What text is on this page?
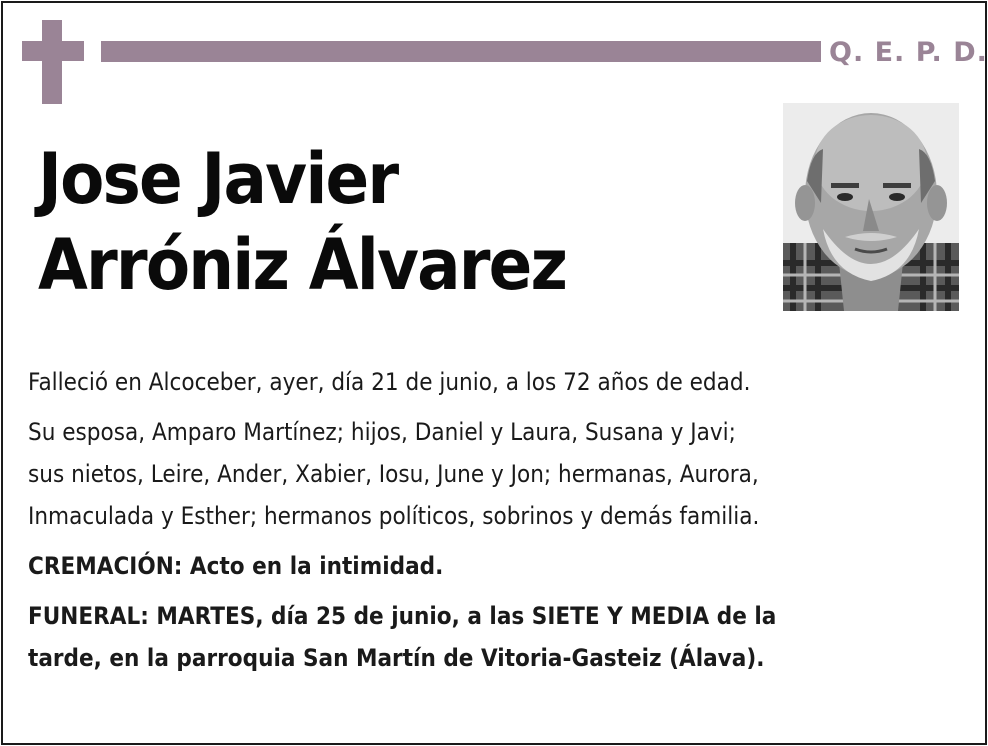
Q. E. P. D.
Jose Javier
Arróniz Álvarez

Falleció en Alcoceber, ayer, día 21 de junio, a los 72 años de edad.

Su esposa, Amparo Martínez; hijos, Daniel y Laura, Susana y Javi;

sus nietos, Leire, Ander, Xabier, Iosu, June y Jon; hermanas, Aurora,

Inmaculada y Esther; hermanos políticos, sobrinos y demás familia.

CREMACIÓN: Acto en la intimidad.

FUNERAL: MARTES, día 25 de junio, a las SIETE Y MEDIA de la

tarde, en la parroquia San Martín de Vitoria-Gasteiz (Álava).
